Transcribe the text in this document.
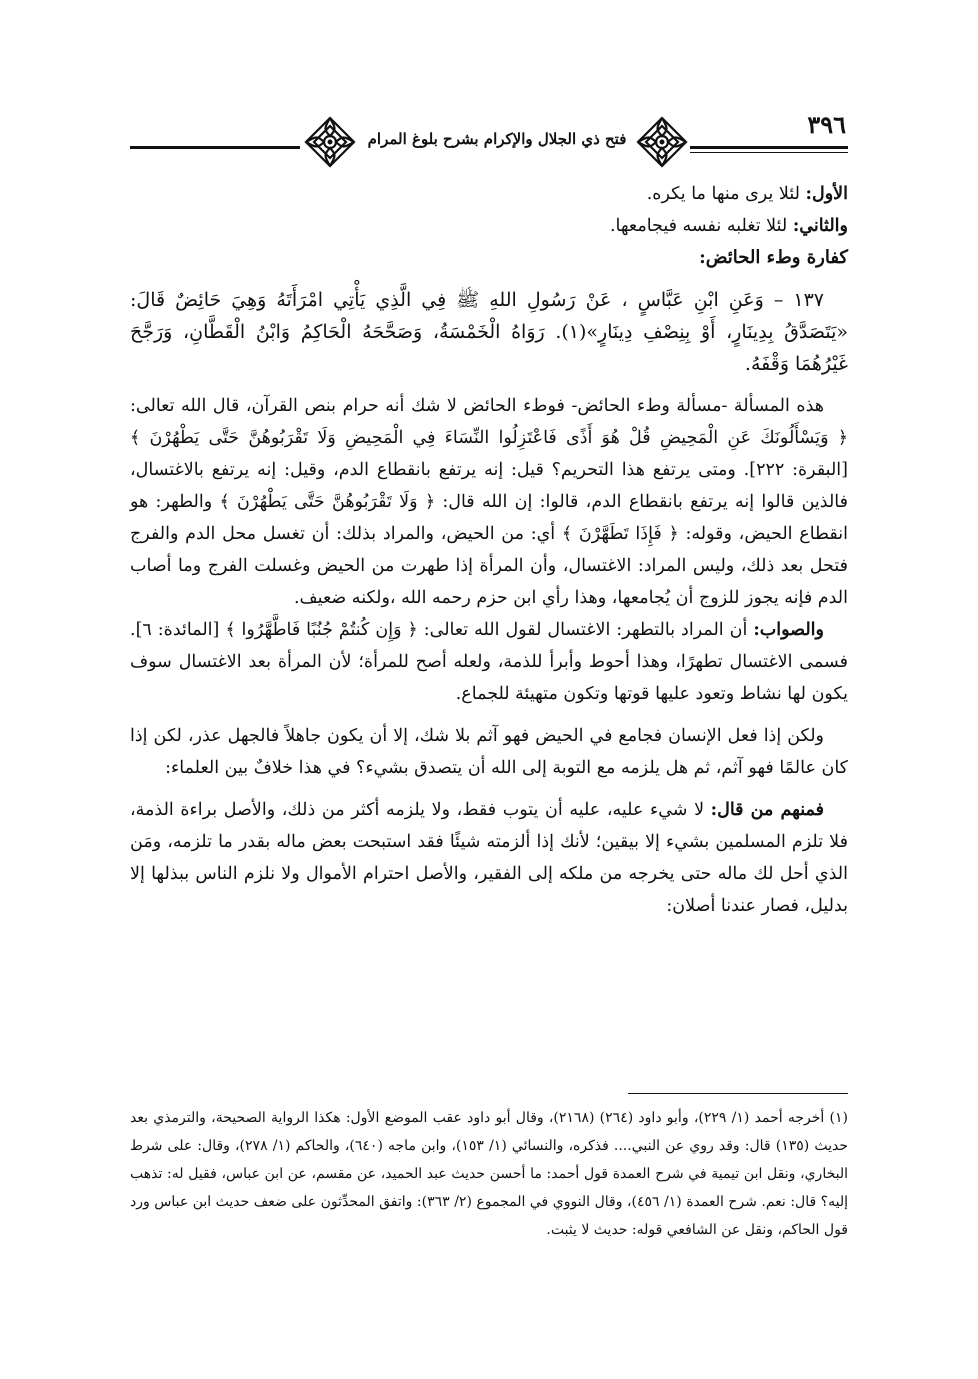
فتح ذي الجلال والإكرام بشرح بلوغ المرام	٣٩٦

الأول: لئلا يرى منها ما يكره.

والثاني: لئلا تغلبه نفسه فيجامعها.

كفارة وطء الحائض:

١٣٧ – وَعَنِ ابْنِ عَبَّاسٍ ، عَنْ رَسُولِ اللهِ ﷺ فِي الَّذِي يَأْتِي امْرَأَتَهُ وَهِيَ حَائِضٌ قَالَ: «يَتَصَدَّقُ بِدِينَارٍ، أَوْ بِنِصْفِ دِينَارٍ»(١). رَوَاهُ الْخَمْسَةُ، وَصَحَّحَهُ الْحَاكِمُ وَابْنُ الْقَطَّانِ، وَرَجَّحَ غَيْرُهُمَا وَقْفَهُ.

هذه المسألة -مسألة وطء الحائض- فوطء الحائض لا شك أنه حرام بنص القرآن، قال الله تعالى: ﴿ وَيَسْأَلُونَكَ عَنِ الْمَحِيضِ قُلْ هُوَ أَذًى فَاعْتَزِلُوا النِّسَاءَ فِي الْمَحِيضِ وَلَا تَقْرَبُوهُنَّ حَتَّى يَطْهُرْنَ ﴾ [البقرة: ٢٢٢]. ومتى يرتفع هذا التحريم؟ قيل: إنه يرتفع بانقطاع الدم، وقيل: إنه يرتفع بالاغتسال، فالذين قالوا إنه يرتفع بانقطاع الدم، قالوا: إن الله قال: ﴿ وَلَا تَقْرَبُوهُنَّ حَتَّى يَطْهُرْنَ ﴾ والطهر: هو انقطاع الحيض، وقوله: ﴿ فَإِذَا تَطَهَّرْنَ ﴾ أي: من الحيض، والمراد بذلك: أن تغسل محل الدم والفرج فتحل بعد ذلك، وليس المراد: الاغتسال، وأن المرأة إذا طهرت من الحيض وغسلت الفرج وما أصاب الدم فإنه يجوز للزوج أن يُجامعها، وهذا رأي ابن حزم رحمه الله ،ولكنه ضعيف.

والصواب: أن المراد بالتطهر: الاغتسال لقول الله تعالى: ﴿ وَإِن كُنتُمْ جُنُبًا فَاطَّهَّرُوا ﴾ [المائدة: ٦]. فسمى الاغتسال تطهرًا، وهذا أحوط وأبرأ للذمة، ولعله أصح للمرأة؛ لأن المرأة بعد الاغتسال سوف يكون لها نشاط وتعود عليها قوتها وتكون متهيئة للجماع.

ولكن إذا فعل الإنسان فجامع في الحيض فهو آثم بلا شك، إلا أن يكون جاهلاً فالجهل عذر، لكن إذا كان عالمًا فهو آثم، ثم هل يلزمه مع التوبة إلى الله أن يتصدق بشيء؟ في هذا خلافٌ بين العلماء:

فمنهم من قال: لا شيء عليه، عليه أن يتوب فقط، ولا يلزمه أكثر من ذلك، والأصل براءة الذمة، فلا تلزم المسلمين بشيء إلا بيقين؛ لأنك إذا ألزمته شيئًا فقد استبحت بعض ماله بقدر ما تلزمه، ومَن الذي أحل لك ماله حتى يخرجه من ملكه إلى الفقير، والأصل احترام الأموال ولا نلزم الناس ببذلها إلا بدليل، فصار عندنا أصلان:

(١) أخرجه أحمد (١/ ٢٢٩)، وأبو داود (٢٦٤) (٢١٦٨)، وقال أبو داود عقب الموضع الأول: هكذا الرواية الصحيحة، والترمذي بعد حديث (١٣٥) قال: وقد روي عن النبي.... فذكره، والنسائي (١/ ١٥٣)، وابن ماجه (٦٤٠)، والحاكم (١/ ٢٧٨)، وقال: على شرط البخاري، ونقل ابن تيمية في شرح العمدة قول أحمد: ما أحسن حديث عبد الحميد، عن مقسم، عن ابن عباس، فقيل له: تذهب إليه؟ قال: نعم. شرح العمدة (١/ ٤٥٦)، وقال النووي في المجموع (٢/ ٣٦٣): واتفق المحدِّثون على ضعف حديث ابن عباس ورد قول الحاكم، ونقل عن الشافعي قوله: حديث لا يثبت.
